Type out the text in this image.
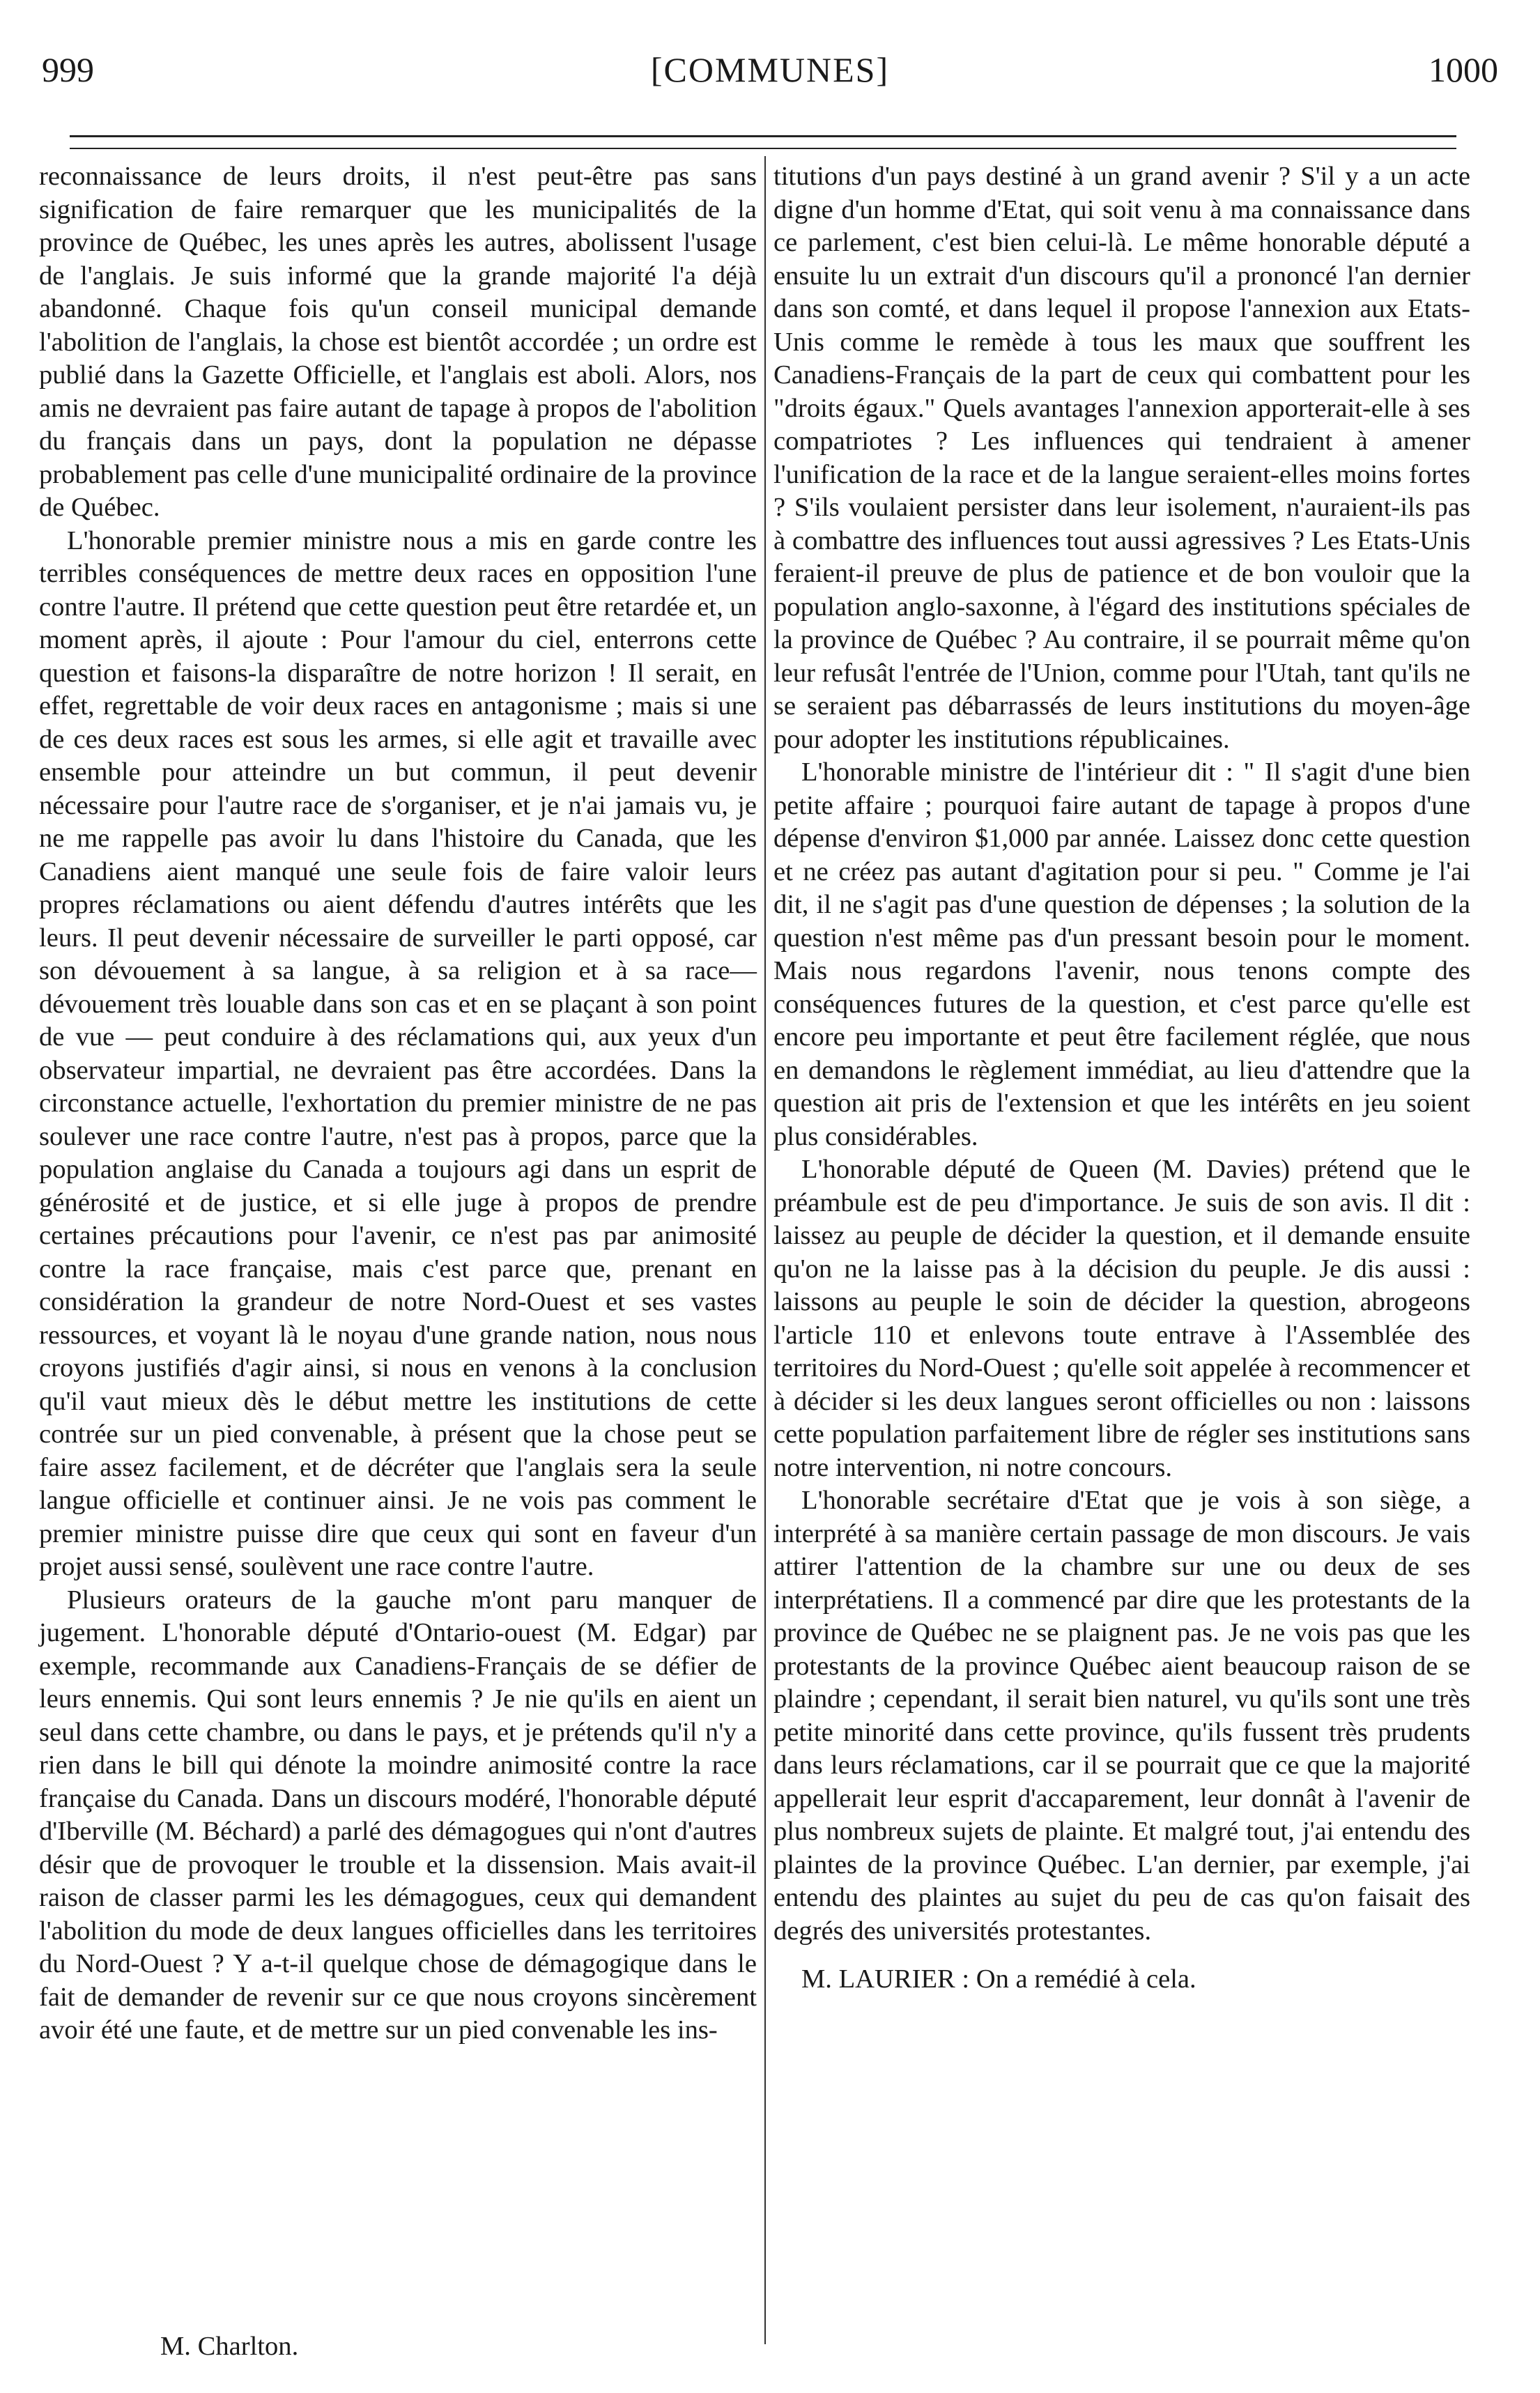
999	[COMMUNES]	1000

reconnaissance de leurs droits, il n'est peut-être pas sans signification de faire remarquer que les municipalités de la province de Québec, les unes après les autres, abolissent l'usage de l'anglais. Je suis informé que la grande majorité l'a déjà abandonné. Chaque fois qu'un conseil municipal demande l'abolition de l'anglais, la chose est bientôt accordée ; un ordre est publié dans la Gazette Officielle, et l'anglais est aboli. Alors, nos amis ne devraient pas faire autant de tapage à propos de l'abolition du français dans un pays, dont la population ne dépasse probablement pas celle d'une municipalité ordinaire de la province de Québec.

L'honorable premier ministre nous a mis en garde contre les terribles conséquences de mettre deux races en opposition l'une contre l'autre. Il prétend que cette question peut être retardée et, un moment après, il ajoute : Pour l'amour du ciel, enterrons cette question et faisons-la disparaître de notre horizon ! Il serait, en effet, regrettable de voir deux races en antagonisme ; mais si une de ces deux races est sous les armes, si elle agit et travaille avec ensemble pour atteindre un but commun, il peut devenir nécessaire pour l'autre race de s'organiser, et je n'ai jamais vu, je ne me rappelle pas avoir lu dans l'histoire du Canada, que les Canadiens aient manqué une seule fois de faire valoir leurs propres réclamations ou aient défendu d'autres intérêts que les leurs. Il peut devenir nécessaire de surveiller le parti opposé, car son dévouement à sa langue, à sa religion et à sa race—dévouement très louable dans son cas et en se plaçant à son point de vue — peut conduire à des réclamations qui, aux yeux d'un observateur impartial, ne devraient pas être accordées. Dans la circonstance actuelle, l'exhortation du premier ministre de ne pas soulever une race contre l'autre, n'est pas à propos, parce que la population anglaise du Canada a toujours agi dans un esprit de générosité et de justice, et si elle juge à propos de prendre certaines précautions pour l'avenir, ce n'est pas par animosité contre la race française, mais c'est parce que, prenant en considération la grandeur de notre Nord-Ouest et ses vastes ressources, et voyant là le noyau d'une grande nation, nous nous croyons justifiés d'agir ainsi, si nous en venons à la conclusion qu'il vaut mieux dès le début mettre les institutions de cette contrée sur un pied convenable, à présent que la chose peut se faire assez facilement, et de décréter que l'anglais sera la seule langue officielle et continuer ainsi. Je ne vois pas comment le premier ministre puisse dire que ceux qui sont en faveur d'un projet aussi sensé, soulèvent une race contre l'autre.

Plusieurs orateurs de la gauche m'ont paru manquer de jugement. L'honorable député d'Ontario-ouest (M. Edgar) par exemple, recommande aux Canadiens-Français de se défier de leurs ennemis. Qui sont leurs ennemis ? Je nie qu'ils en aient un seul dans cette chambre, ou dans le pays, et je prétends qu'il n'y a rien dans le bill qui dénote la moindre animosité contre la race française du Canada. Dans un discours modéré, l'honorable député d'Iberville (M. Béchard) a parlé des démagogues qui n'ont d'autres désir que de provoquer le trouble et la dissension. Mais avait-il raison de classer parmi les les démagogues, ceux qui demandent l'abolition du mode de deux langues officielles dans les territoires du Nord-Ouest ? Y a-t-il quelque chose de démagogique dans le fait de demander de revenir sur ce que nous croyons sincèrement avoir été une faute, et de mettre sur un pied convenable les ins-

titutions d'un pays destiné à un grand avenir ? S'il y a un acte digne d'un homme d'Etat, qui soit venu à ma connaissance dans ce parlement, c'est bien celui-là. Le même honorable député a ensuite lu un extrait d'un discours qu'il a prononcé l'an dernier dans son comté, et dans lequel il propose l'annexion aux Etats-Unis comme le remède à tous les maux que souffrent les Canadiens-Français de la part de ceux qui combattent pour les "droits égaux." Quels avantages l'annexion apporterait-elle à ses compatriotes ? Les influences qui tendraient à amener l'unification de la race et de la langue seraient-elles moins fortes ? S'ils voulaient persister dans leur isolement, n'auraient-ils pas à combattre des influences tout aussi agressives ? Les Etats-Unis feraient-il preuve de plus de patience et de bon vouloir que la population anglo-saxonne, à l'égard des institutions spéciales de la province de Québec ? Au contraire, il se pourrait même qu'on leur refusât l'entrée de l'Union, comme pour l'Utah, tant qu'ils ne se seraient pas débarrassés de leurs institutions du moyen-âge pour adopter les institutions républicaines.

L'honorable ministre de l'intérieur dit : " Il s'agit d'une bien petite affaire ; pourquoi faire autant de tapage à propos d'une dépense d'environ $1,000 par année. Laissez donc cette question et ne créez pas autant d'agitation pour si peu. " Comme je l'ai dit, il ne s'agit pas d'une question de dépenses ; la solution de la question n'est même pas d'un pressant besoin pour le moment. Mais nous regardons l'avenir, nous tenons compte des conséquences futures de la question, et c'est parce qu'elle est encore peu importante et peut être facilement réglée, que nous en demandons le règlement immédiat, au lieu d'attendre que la question ait pris de l'extension et que les intérêts en jeu soient plus considérables.

L'honorable député de Queen (M. Davies) prétend que le préambule est de peu d'importance. Je suis de son avis. Il dit : laissez au peuple de décider la question, et il demande ensuite qu'on ne la laisse pas à la décision du peuple. Je dis aussi : laissons au peuple le soin de décider la question, abrogeons l'article 110 et enlevons toute entrave à l'Assemblée des territoires du Nord-Ouest ; qu'elle soit appelée à recommencer et à décider si les deux langues seront officielles ou non : laissons cette population parfaitement libre de régler ses institutions sans notre intervention, ni notre concours.

L'honorable secrétaire d'Etat que je vois à son siège, a interprété à sa manière certain passage de mon discours. Je vais attirer l'attention de la chambre sur une ou deux de ses interprétatiens. Il a commencé par dire que les protestants de la province de Québec ne se plaignent pas. Je ne vois pas que les protestants de la province Québec aient beaucoup raison de se plaindre ; cependant, il serait bien naturel, vu qu'ils sont une très petite minorité dans cette province, qu'ils fussent très prudents dans leurs réclamations, car il se pourrait que ce que la majorité appellerait leur esprit d'accaparement, leur donnât à l'avenir de plus nombreux sujets de plainte. Et malgré tout, j'ai entendu des plaintes de la province Québec. L'an dernier, par exemple, j'ai entendu des plaintes au sujet du peu de cas qu'on faisait des degrés des universités protestantes.

M. LAURIER : On a remédié à cela.

M. Charlton.
